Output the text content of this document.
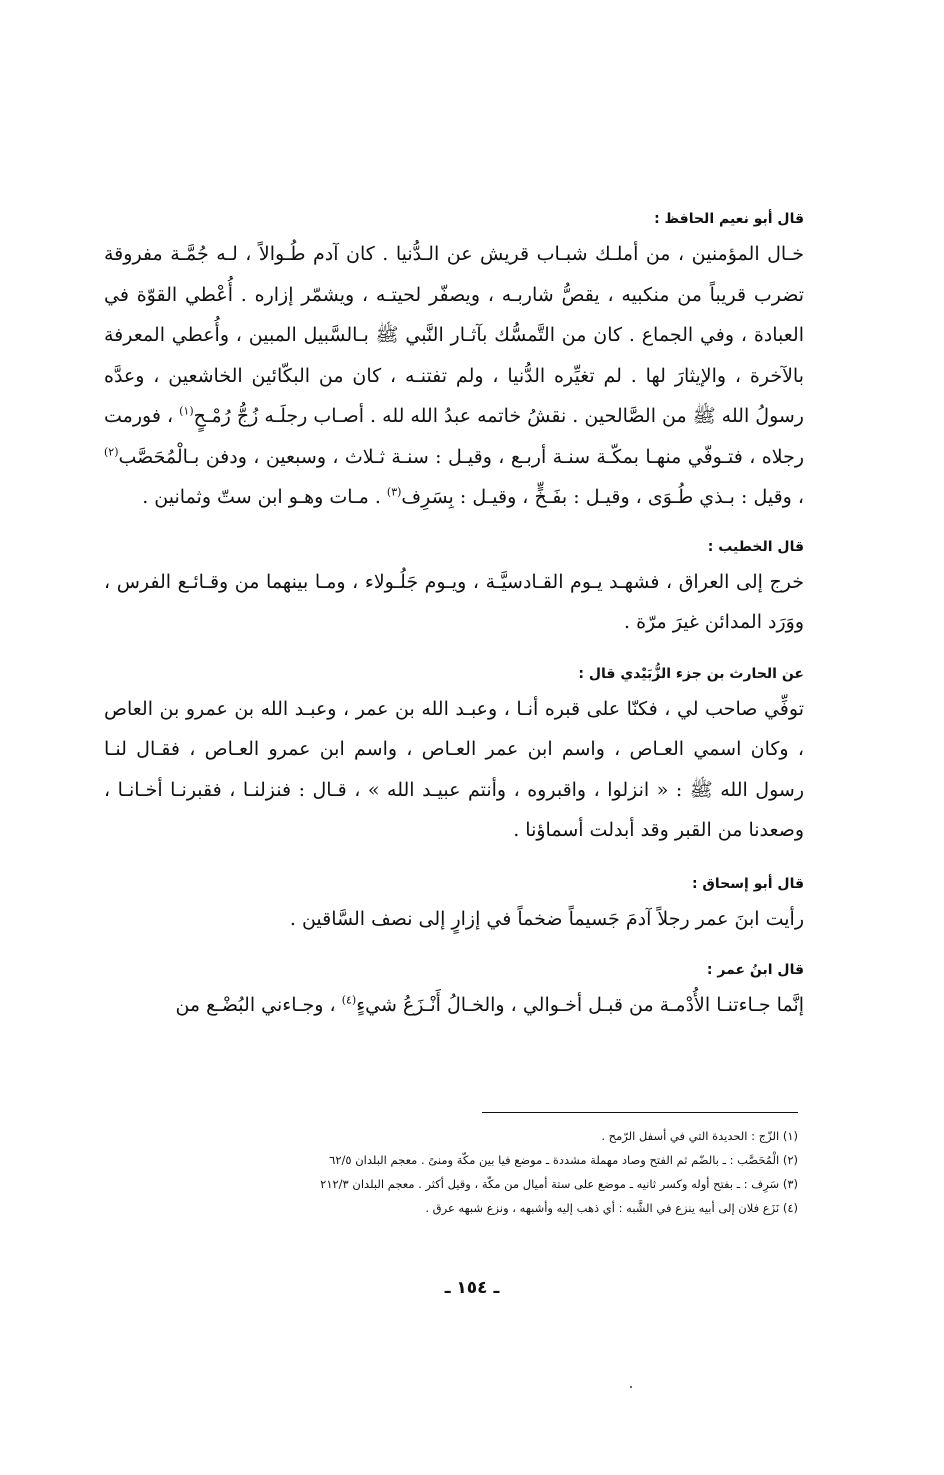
قال أبو نعيم الحافظ :

خـال المؤمنين ، من أملـك شبـاب قريش عن الـدُّنيا . كان آدم طُـوالاً ، لـه جُمَّـة مفروقة تضرب قريباً من منكبيه ، يقصُّ شاربـه ، ويصفّر لحيتـه ، ويشمّر إزاره . أُعْطي القوّة في العبادة ، وفي الجماع . كان من التَّمسُّك بآثـار النَّبي ﷺ بـالسَّبيل المبين ، وأُعطي المعرفة بالآخرة ، والإيثارَ لها . لم تغيِّره الدُّنيا ، ولم تفتنـه ، كان من البكّائين الخاشعين ، وعدَّه رسولُ الله ﷺ من الصَّالحين . نقشُ خاتمه عبدُ الله لله . أصـاب رجلَـه زُجُّ رُمْـحٍ$^{(١)}$ ، فورمت رجلاه ، فتـوفّي منهـا بمكّـة سنـة أربـع ، وقيـل : سنـة ثـلاث ، وسبعين ، ودفن بـالْمُحَصَّب$^{(٢)}$ ، وقيل : بـذي طُـوَى ، وقيـل : بفَـخٍّ ، وقيـل : بِسَرِف$^{(٣)}$ . مـات وهـو ابن ستّ وثمانين .

قال الخطيب :

خرج إلى العراق ، فشهـد يـوم القـادسيَّـة ، ويـوم جَلُـولاء ، ومـا بينهما من وقـائـع الفرس ، ووَرَد المدائن غيرَ مرّة .

عن الحارث بن جزء الزُّبَيْدي قال :

توفِّي صاحب لي ، فكنّا على قبره أنـا ، وعبـد الله بن عمر ، وعبـد الله بن عمرو بن العاص ، وكان اسمي العـاص ، واسم ابن عمر العـاص ، واسم ابن عمرو العـاص ، فقـال لنـا رسول الله ﷺ : « انزلوا ، واقبروه ، وأنتم عبيـد الله » ، قـال : فنزلنـا ، فقبرنـا أخـانـا ، وصعدنا من القبر وقد أبدلت أسماؤنا .

قال أبو إسحاق :

رأيت ابنَ عمر رجلاً آدمَ جَسيماً ضخماً في إزارٍ إلى نصف السَّاقين .

قال ابنُ عمر :

إنَّما جـاءتنـا الأُدْمـة من قبـل أخـوالي ، والخـالُ أَنْـزَعُ شيءٍ$^{(٤)}$ ، وجـاءني البُضْـع من

(١) الزّج : الحديدة التي في أسفل الرّمح .

(٢) الْمُحَصَّب : ـ بالضّم ثم الفتح وصاد مهملة مشددة ـ موضع فيا بين مكّة ومنىً . معجم البلدان ٦٢/٥

(٣) سَرِف : ـ بفتح أوله وكسر ثانيه ـ موضع على ستة أميال من مكّة ، وقيل أكثر . معجم البلدان ٢١٢/٣

(٤) نَزَع فلان إلى أبيه ينزع في الشَّبه : أي ذهب إليه وأشبهه ، ونزع شبهه عرق .

ـ ١٥٤ ـ
